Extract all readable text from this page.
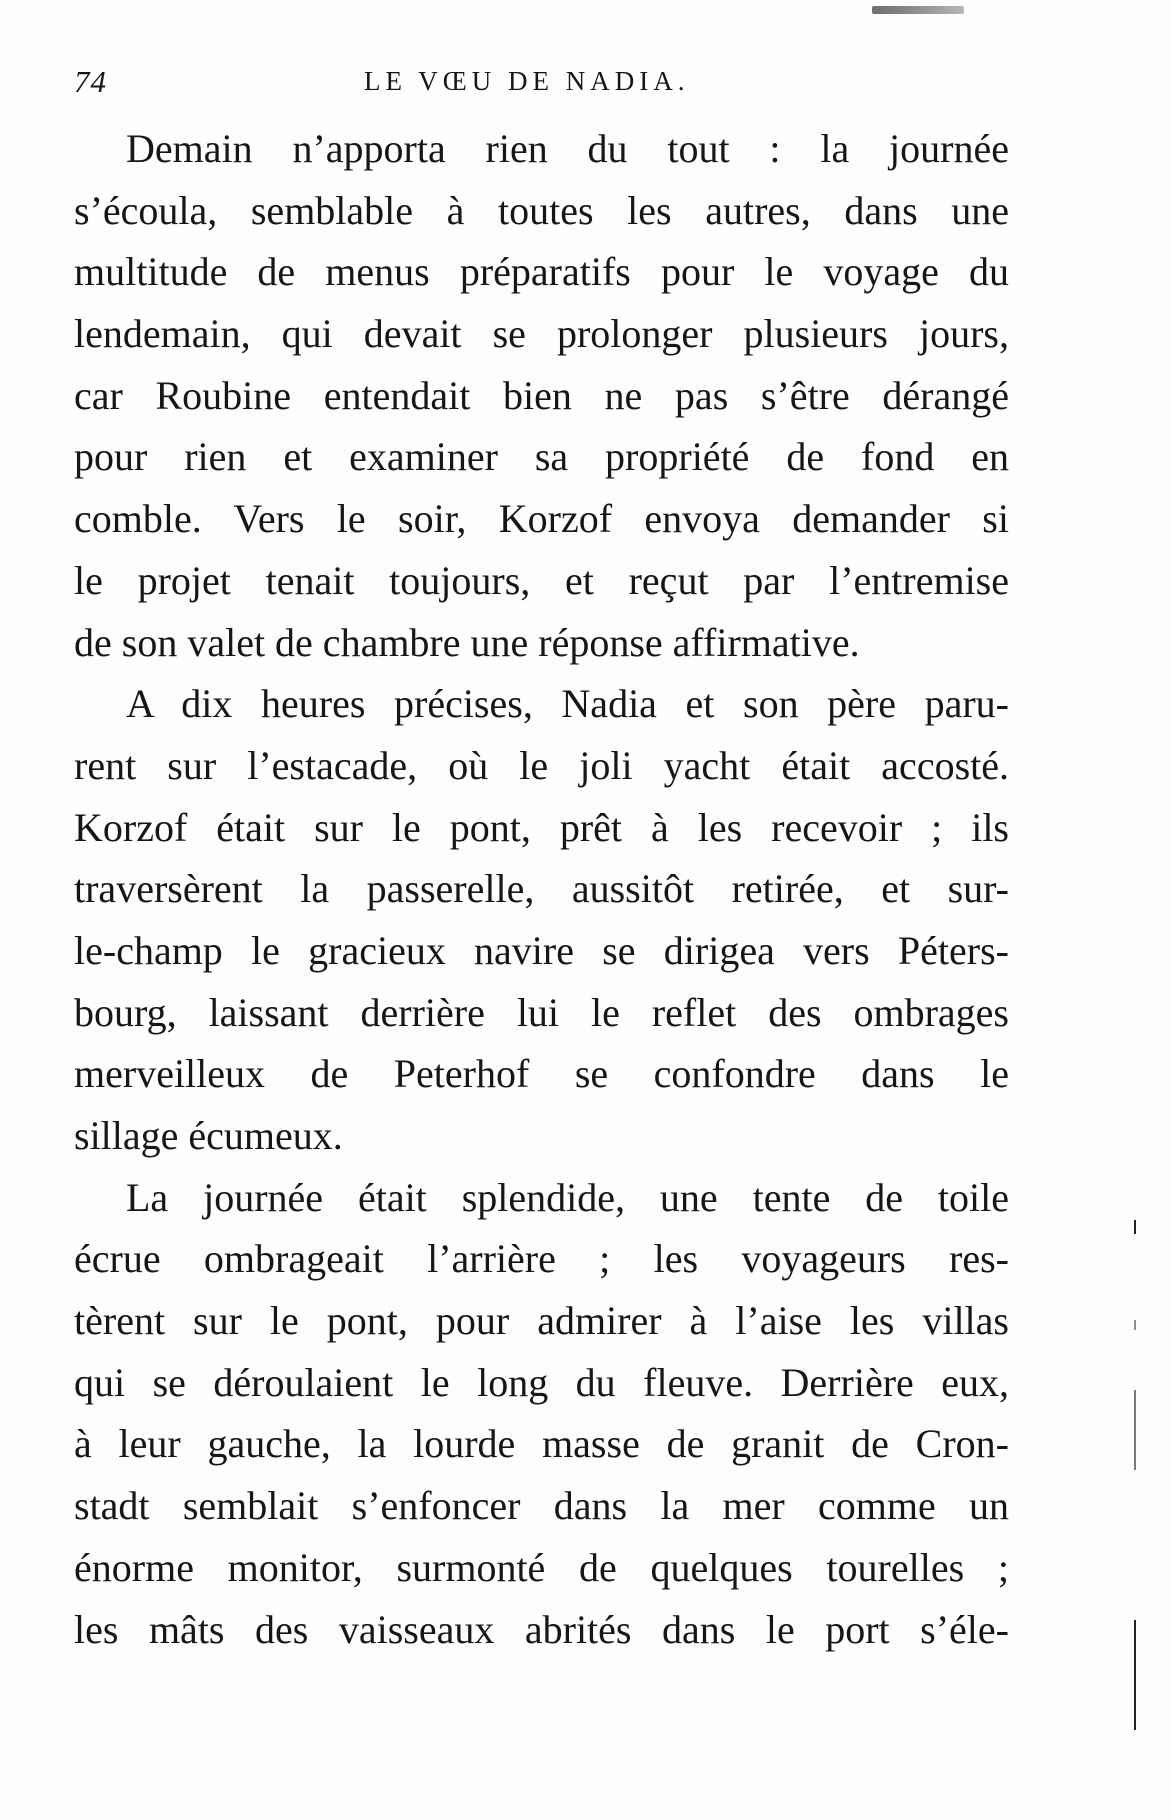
74	LE VŒU DE NADIA.
Demain n’apporta rien du tout : la journée
s’écoula, semblable à toutes les autres, dans une
multitude de menus préparatifs pour le voyage du
lendemain, qui devait se prolonger plusieurs jours,
car Roubine entendait bien ne pas s’être dérangé
pour rien et examiner sa propriété de fond en
comble. Vers le soir, Korzof envoya demander si
le projet tenait toujours, et reçut par l’entremise
de son valet de chambre une réponse affirmative.
A dix heures précises, Nadia et son père paru-
rent sur l’estacade, où le joli yacht était accosté.
Korzof était sur le pont, prêt à les recevoir ; ils
traversèrent la passerelle, aussitôt retirée, et sur-
le-champ le gracieux navire se dirigea vers Péters-
bourg, laissant derrière lui le reflet des ombrages
merveilleux de Peterhof se confondre dans le
sillage écumeux.
La journée était splendide, une tente de toile
écrue ombrageait l’arrière ; les voyageurs res-
tèrent sur le pont, pour admirer à l’aise les villas
qui se déroulaient le long du fleuve. Derrière eux,
à leur gauche, la lourde masse de granit de Cron-
stadt semblait s’enfoncer dans la mer comme un
énorme monitor, surmonté de quelques tourelles ;
les mâts des vaisseaux abrités dans le port s’éle-
